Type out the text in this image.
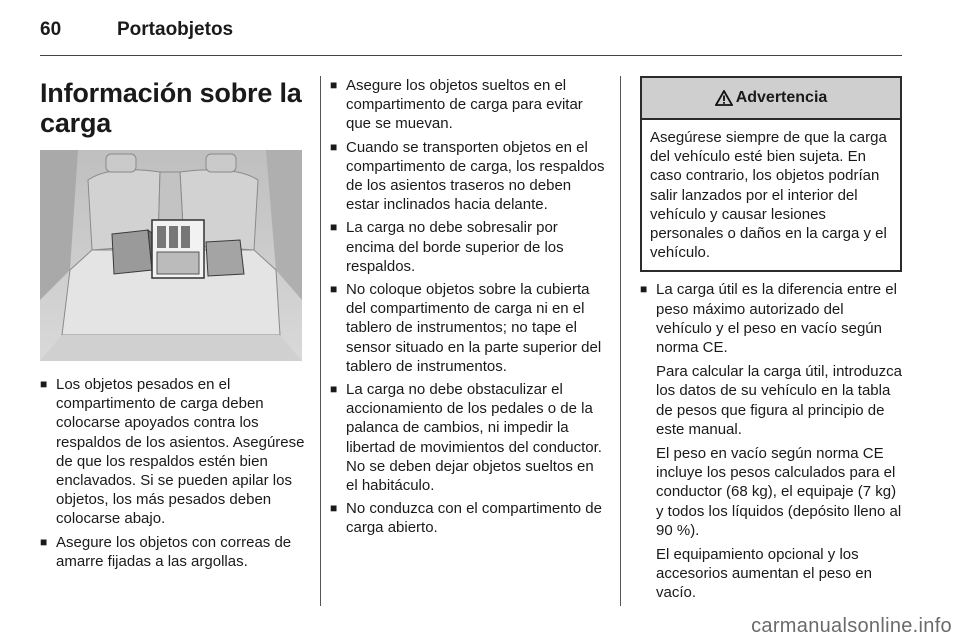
60	Portaobjetos
Información sobre la carga
■ Los objetos pesados en el compartimento de carga deben colocarse apoyados contra los respaldos de los asientos. Asegúrese de que los respaldos estén bien enclavados. Si se pueden apilar los objetos, los más pesados deben colocarse abajo.
■ Asegure los objetos con correas de amarre fijadas a las argollas.
■ Asegure los objetos sueltos en el compartimento de carga para evitar que se muevan.
■ Cuando se transporten objetos en el compartimento de carga, los respaldos de los asientos traseros no deben estar inclinados hacia delante.
■ La carga no debe sobresalir por encima del borde superior de los respaldos.
■ No coloque objetos sobre la cubierta del compartimento de carga ni en el tablero de instrumentos; no tape el sensor situado en la parte superior del tablero de instrumentos.
■ La carga no debe obstaculizar el accionamiento de los pedales o de la palanca de cambios, ni impedir la libertad de movimientos del conductor. No se deben dejar objetos sueltos en el habitáculo.
■ No conduzca con el compartimento de carga abierto.
Advertencia
Asegúrese siempre de que la carga del vehículo esté bien sujeta. En caso contrario, los objetos podrían salir lanzados por el interior del vehículo y causar lesiones personales o daños en la carga y el vehículo.
■ La carga útil es la diferencia entre el peso máximo autorizado del vehículo y el peso en vacío según norma CE.
Para calcular la carga útil, introduzca los datos de su vehículo en la tabla de pesos que figura al principio de este manual.
El peso en vacío según norma CE incluye los pesos calculados para el conductor (68 kg), el equipaje (7 kg) y todos los líquidos (depósito lleno al 90 %).
El equipamiento opcional y los accesorios aumentan el peso en vacío.
carmanualsonline.info
